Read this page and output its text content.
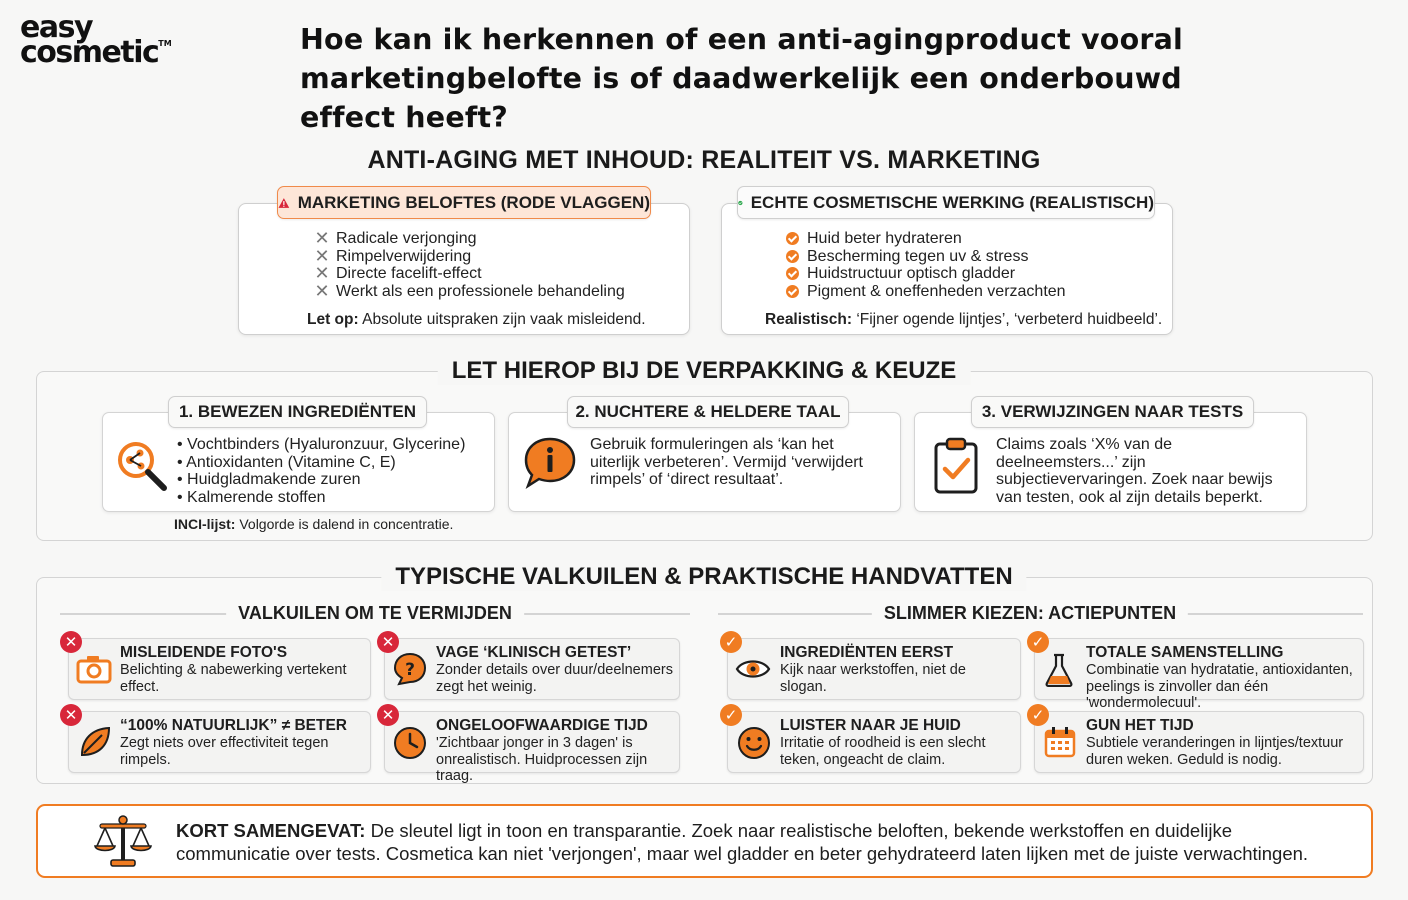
easy
cosmetic™	Hoe kan ik herkennen of een anti-agingproduct vooral marketingbelofte is of daadwerkelijk een onderbouwd effect heeft?
ANTI-AGING MET INHOUD: REALITEIT VS. MARKETING
MARKETING BELOFTES (RODE VLAGGEN)
✕ Radicale verjonging
✕ Rimpelverwijdering
✕ Directe facelift-effect
✕ Werkt als een professionele behandeling
Let op: Absolute uitspraken zijn vaak misleidend.
ECHTE COSMETISCHE WERKING (REALISTISCH)
Huid beter hydrateren
Bescherming tegen uv & stress
Huidstructuur optisch gladder
Pigment & oneffenheden verzachten
Realistisch: ‘Fijner ogende lijntjes’, ‘verbeterd huidbeeld’.
LET HIEROP BIJ DE VERPAKKING & KEUZE
1. BEWEZEN INGREDIËNTEN
• Vochtbinders (Hyaluronzuur, Glycerine)
• Antioxidanten (Vitamine C, E)
• Huidgladmakende zuren
• Kalmerende stoffen
INCI-lijst: Volgorde is dalend in concentratie.
2. NUCHTERE & HELDERE TAAL
Gebruik formuleringen als ‘kan het uiterlijk verbeteren’. Vermijd ‘verwijdert rimpels’ of ‘direct resultaat’.
3. VERWIJZINGEN NAAR TESTS
Claims zoals ‘X% van de deelneemsters...’ zijn subjectievervaringen. Zoek naar bewijs van testen, ook al zijn details beperkt.
TYPISCHE VALKUILEN & PRAKTISCHE HANDVATTEN
VALKUILEN OM TE VERMIJDEN	SLIMMER KIEZEN: ACTIEPUNTEN
✕
MISLEIDENDE FOTO'S
Belichting & nabewerking vertekent effect.
✕
?
VAGE ‘KLINISCH GETEST’
Zonder details over duur/deelnemers zegt het weinig.
✕
“100% NATUURLIJK” ≠ BETER
Zegt niets over effectiviteit tegen rimpels.
✕
ONGELOOFWAARDIGE TIJD
'Zichtbaar jonger in 3 dagen' is onrealistisch. Huidprocessen zijn traag.
✓
INGREDIËNTEN EERST
Kijk naar werkstoffen, niet de slogan.
✓
TOTALE SAMENSTELLING
Combinatie van hydratatie, antioxidanten, peelings is zinvoller dan één 'wondermolecuul'.
✓
LUISTER NAAR JE HUID
Irritatie of roodheid is een slecht teken, ongeacht de claim.
✓
GUN HET TIJD
Subtiele veranderingen in lijntjes/textuur duren weken. Geduld is nodig.
KORT SAMENGEVAT: De sleutel ligt in toon en transparantie. Zoek naar realistische beloften, bekende werkstoffen en duidelijke communicatie over tests. Cosmetica kan niet 'verjongen', maar wel gladder en beter gehydrateerd laten lijken met de juiste verwachtingen.
